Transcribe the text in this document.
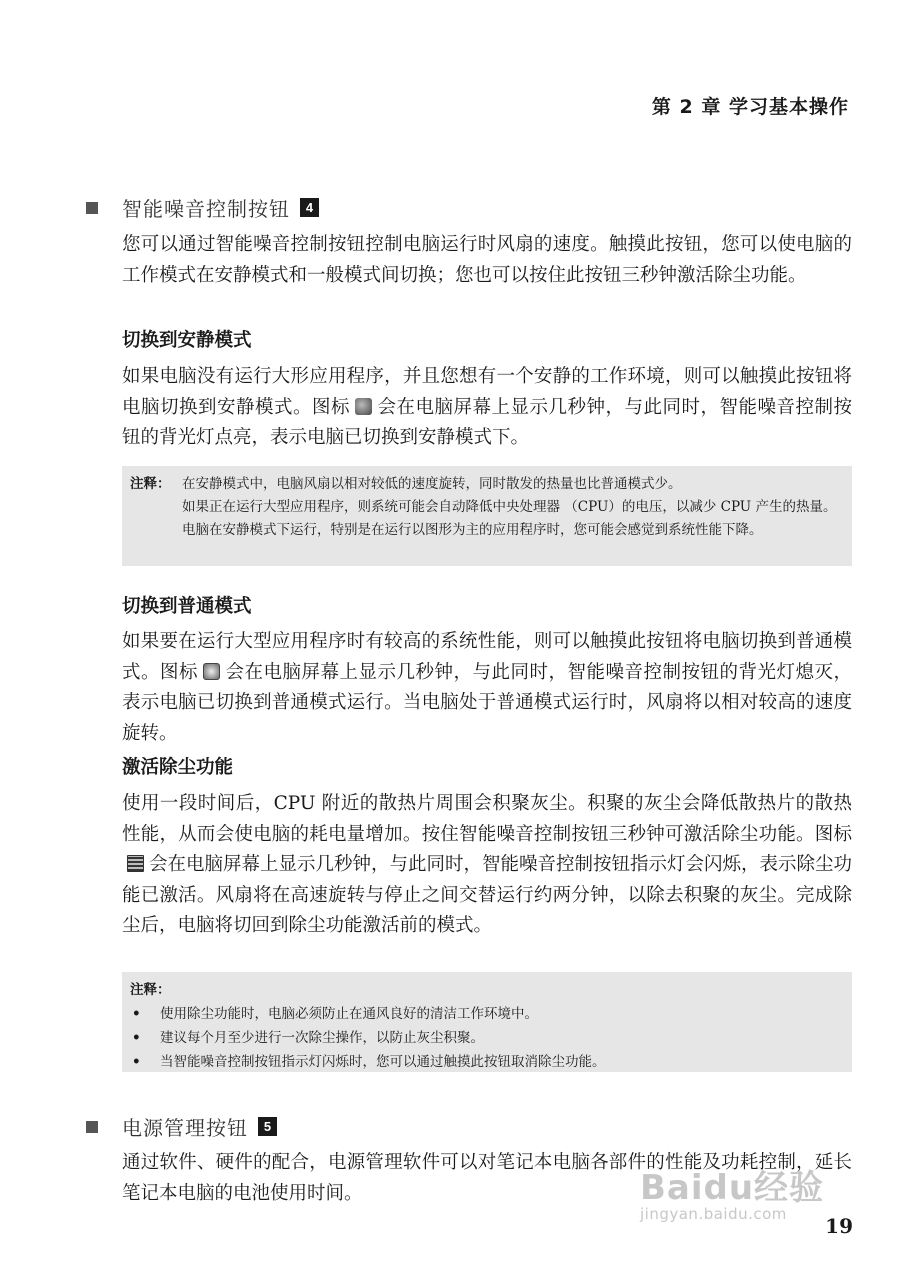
第 2 章 学习基本操作
智能噪音控制按钮	4

您可以通过智能噪音控制按钮控制电脑运行时风扇的速度。触摸此按钮，您可以使电脑的工作模式在安静模式和一般模式间切换；您也可以按住此按钮三秒钟激活除尘功能。

切换到安静模式

如果电脑没有运行大形应用程序，并且您想有一个安静的工作环境，则可以触摸此按钮将电脑切换到安静模式。图标 会在电脑屏幕上显示几秒钟，与此同时，智能噪音控制按钮的背光灯点亮，表示电脑已切换到安静模式下。

注释： 在安静模式中，电脑风扇以相对较低的速度旋转，同时散发的热量也比普通模式少。
如果正在运行大型应用程序，则系统可能会自动降低中央处理器 （CPU）的电压，以减少 CPU 产生的热量。电脑在安静模式下运行，特别是在运行以图形为主的应用程序时，您可能会感觉到系统性能下降。
切换到普通模式

如果要在运行大型应用程序时有较高的系统性能，则可以触摸此按钮将电脑切换到普通模式。图标 会在电脑屏幕上显示几秒钟，与此同时，智能噪音控制按钮的背光灯熄灭，表示电脑已切换到普通模式运行。当电脑处于普通模式运行时，风扇将以相对较高的速度旋转。

激活除尘功能

使用一段时间后，CPU 附近的散热片周围会积聚灰尘。积聚的灰尘会降低散热片的散热性能，从而会使电脑的耗电量增加。按住智能噪音控制按钮三秒钟可激活除尘功能。图标会在电脑屏幕上显示几秒钟，与此同时，智能噪音控制按钮指示灯会闪烁，表示除尘功能已激活。风扇将在高速旋转与停止之间交替运行约两分钟，以除去积聚的灰尘。完成除尘后，电脑将切回到除尘功能激活前的模式。

注释：
• 使用除尘功能时，电脑必须防止在通风良好的清洁工作环境中。
• 建议每个月至少进行一次除尘操作，以防止灰尘积聚。
• 当智能噪音控制按钮指示灯闪烁时，您可以通过触摸此按钮取消除尘功能。
电源管理按钮	5

通过软件、硬件的配合，电源管理软件可以对笔记本电脑各部件的性能及功耗控制，延长笔记本电脑的电池使用时间。	Baidu经验
jingyan.baidu.com	19
